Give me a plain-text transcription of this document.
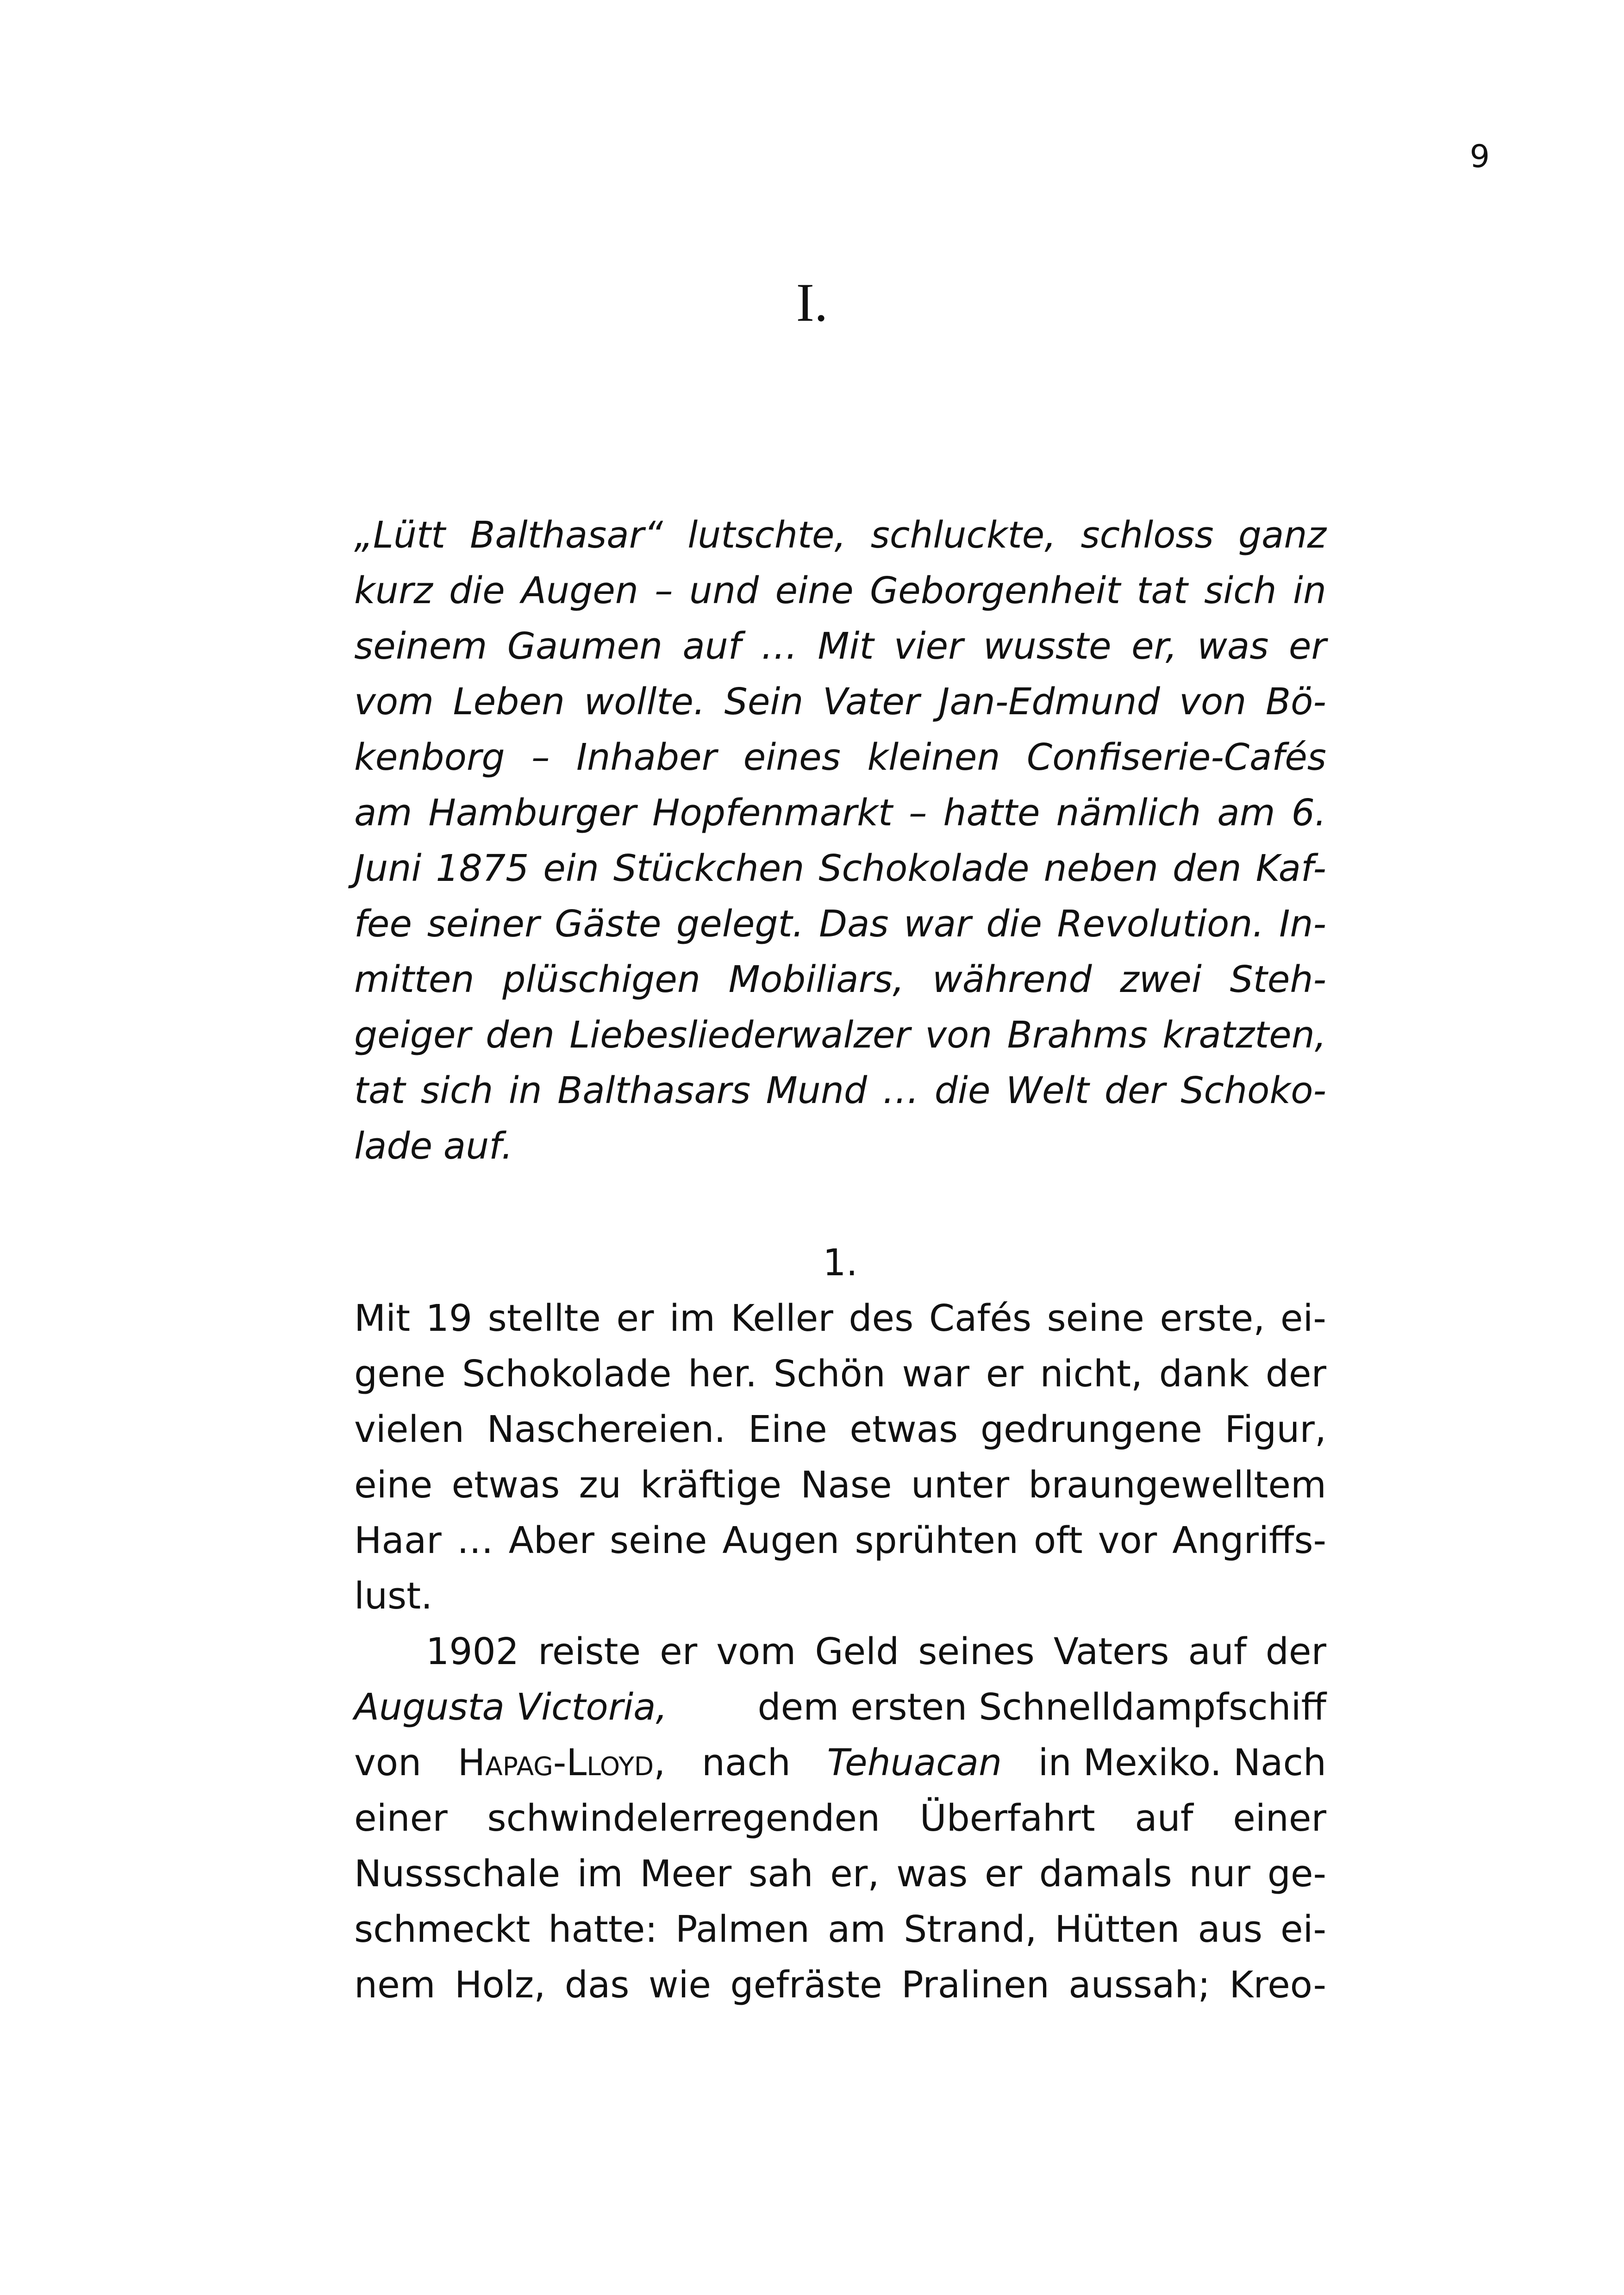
9
I.
„Lütt Balthasar“ lutschte, schluckte, schloss ganz
kurz die Augen – und eine Geborgenheit tat sich in
seinem Gaumen auf … Mit vier wusste er, was er
vom Leben wollte. Sein Vater Jan-Edmund von Bö-
kenborg – Inhaber eines kleinen Confiserie-Cafés
am Hamburger Hopfenmarkt – hatte nämlich am 6.
Juni 1875 ein Stückchen Schokolade neben den Kaf-
fee seiner Gäste gelegt. Das war die Revolution. In-
mitten plüschigen Mobiliars, während zwei Steh-
geiger den Liebesliederwalzer von Brahms kratzten,
tat sich in Balthasars Mund … die Welt der Schoko-
lade auf.
1.
Mit 19 stellte er im Keller des Cafés seine erste, ei-
gene Schokolade her. Schön war er nicht, dank der
vielen Naschereien. Eine etwas gedrungene Figur,
eine etwas zu kräftige Nase unter braungewelltem
Haar … Aber seine Augen sprühten oft vor Angriffs-
lust.
1902 reiste er vom Geld seines Vaters auf der
Augusta Victoria, dem ersten Schnelldampfschiff
von Hapag-Lloyd, nach Tehuacan in Mexiko. Nach
einer schwindelerregenden Überfahrt auf einer
Nussschale im Meer sah er, was er damals nur ge-
schmeckt hatte: Palmen am Strand, Hütten aus ei-
nem Holz, das wie gefräste Pralinen aussah; Kreo-
